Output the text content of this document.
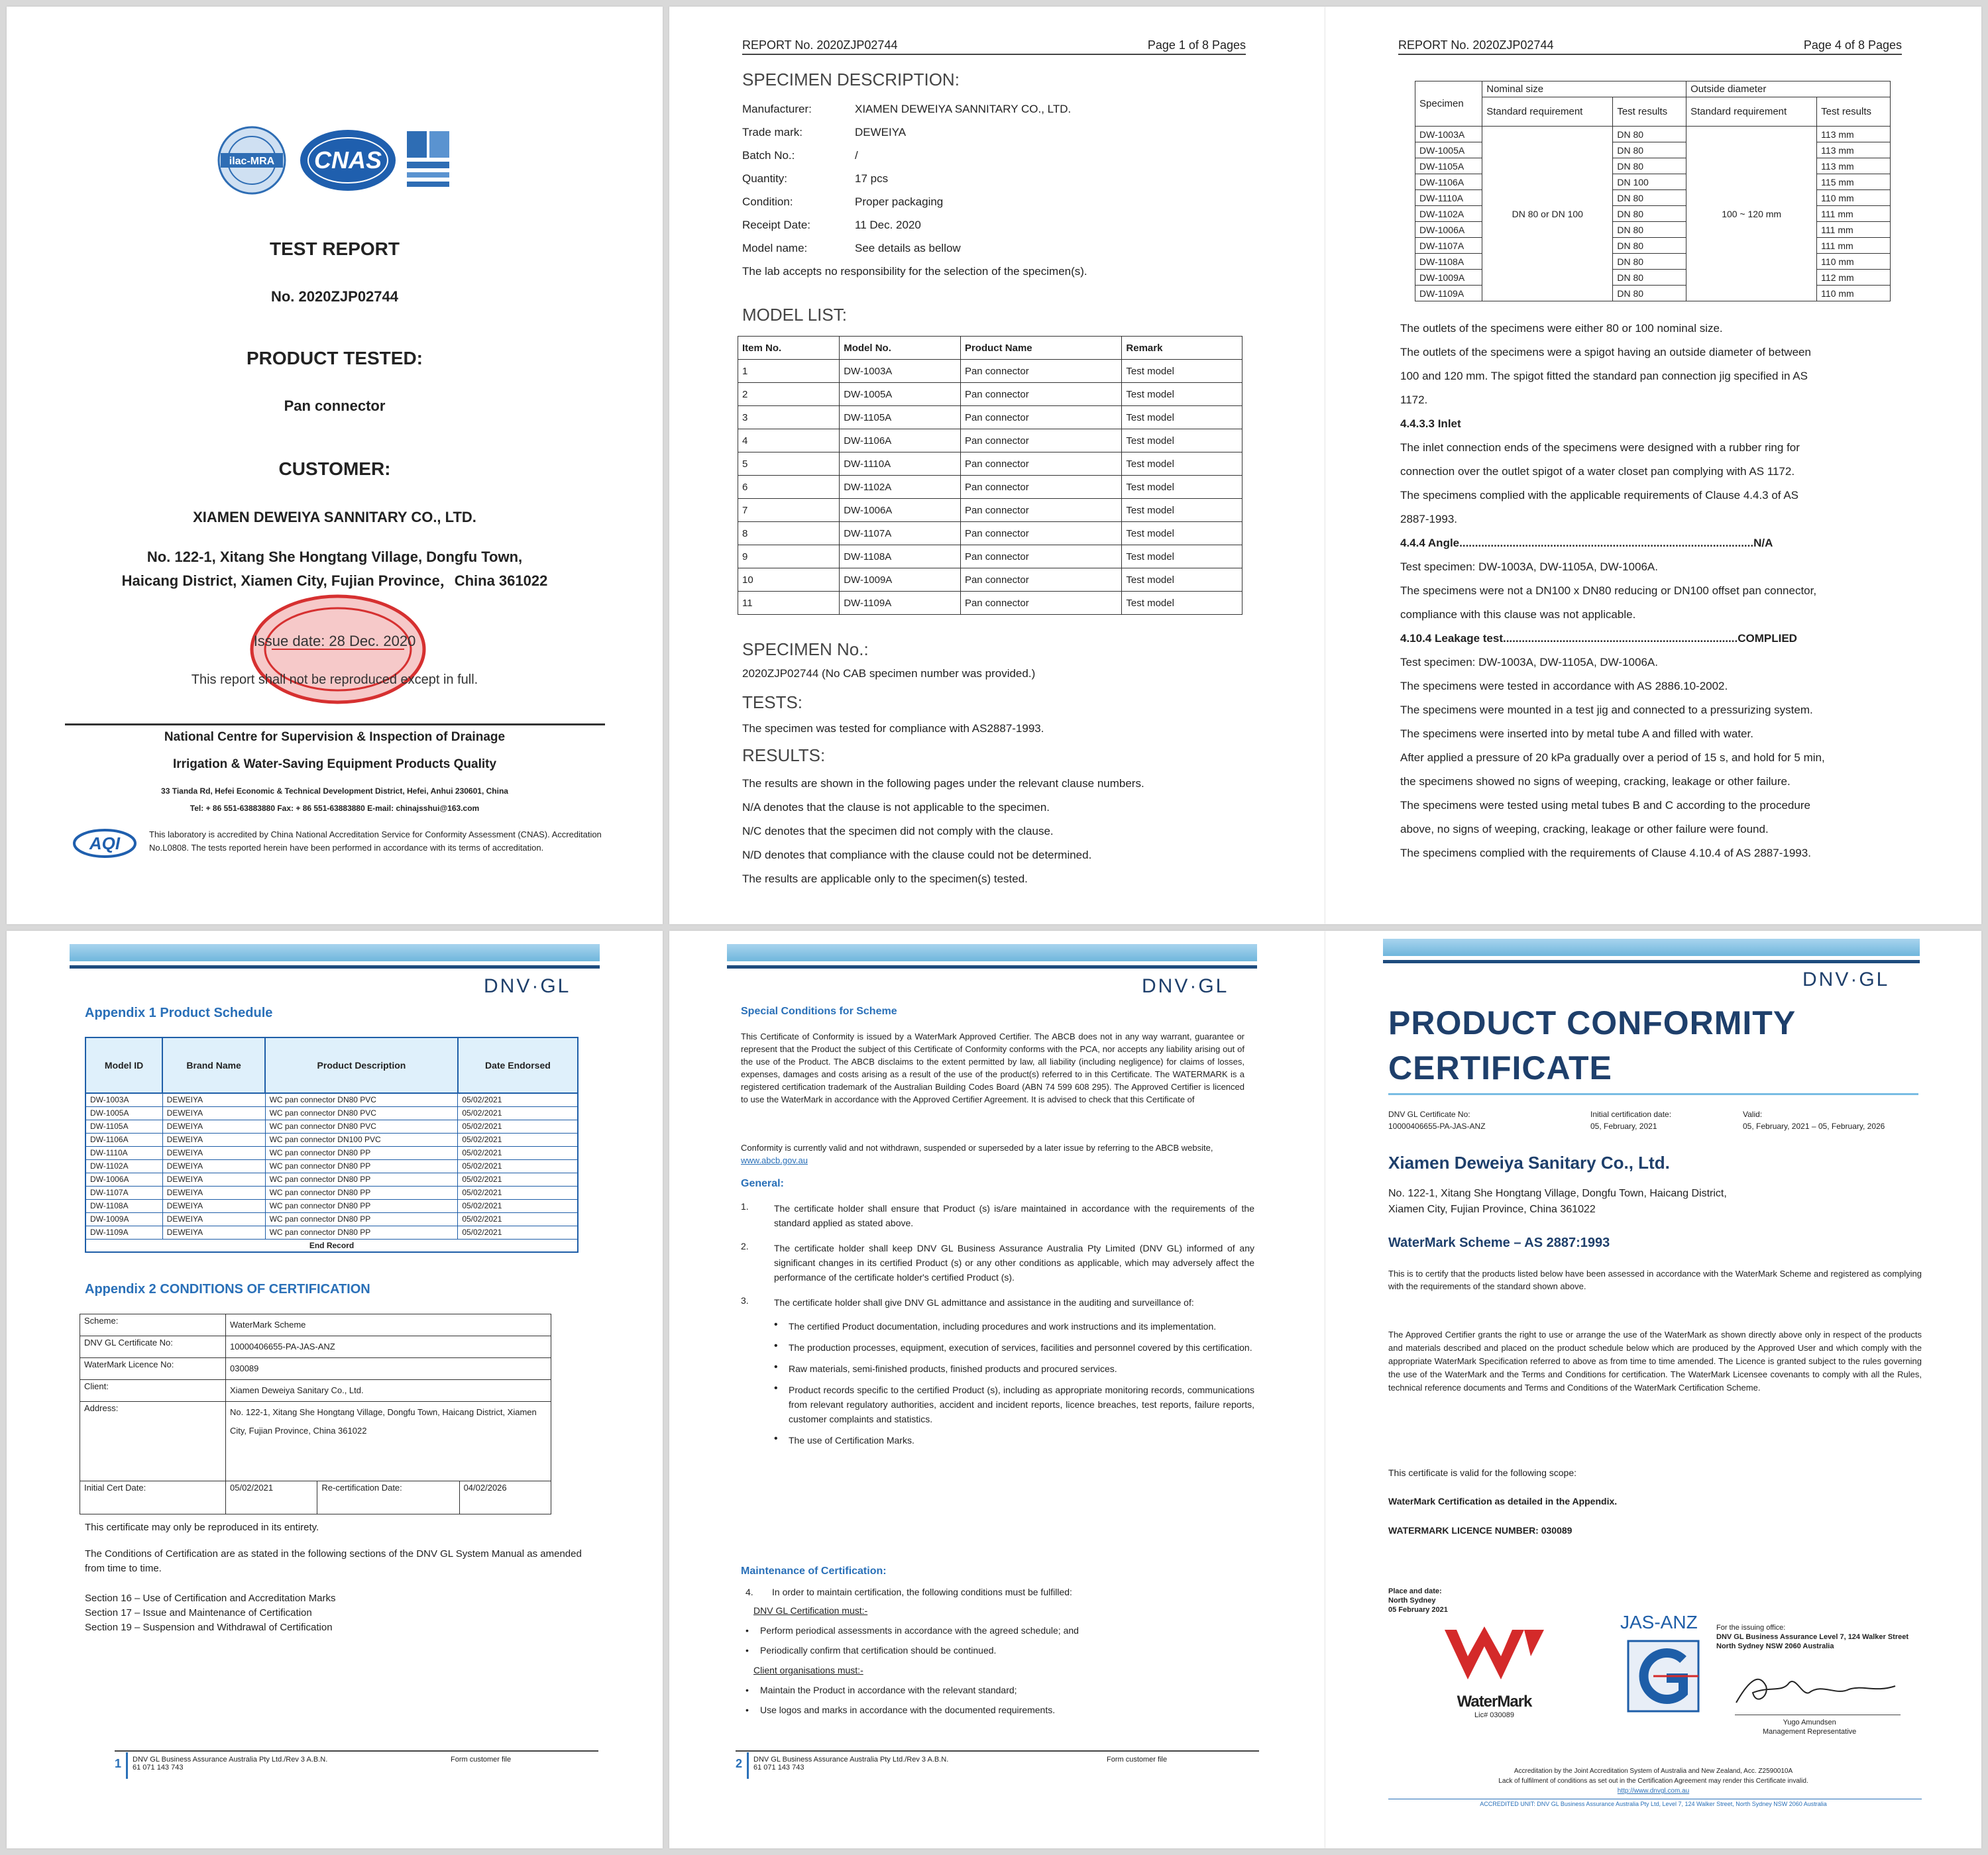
ilac-MRA CNAS
TEST REPORT
No. 2020ZJP02744
PRODUCT TESTED:
Pan connector
CUSTOMER:
XIAMEN DEWEIYA SANNITARY CO., LTD.
No. 122-1, Xitang She Hongtang Village, Dongfu Town,
Haicang District, Xiamen City, Fujian Province，China 361022
Issue date: 28 Dec. 2020
This report shall not be reproduced except in full.
National Centre for Supervision & Inspection of Drainage
Irrigation & Water-Saving Equipment Products Quality
33 Tianda Rd, Hefei Economic & Technical Development District, Hefei, Anhui 230601, China
Tel: + 86 551-63883880 Fax: + 86 551-63883880 E-mail: chinajsshui@163.com
AQI	This laboratory is accredited by China National Accreditation Service for Conformity Assessment (CNAS). Accreditation No.L0808. The tests reported herein have been performed in accordance with its terms of accreditation.
REPORT No. 2020ZJP02744	Page 1 of 8 Pages
SPECIMEN DESCRIPTION:
Manufacturer:	XIAMEN DEWEIYA SANNITARY CO., LTD.
Trade mark:	DEWEIYA
Batch No.:	/
Quantity:	17 pcs
Condition:	Proper packaging
Receipt Date:	11 Dec. 2020
Model name:	See details as bellow
The lab accepts no responsibility for the selection of the specimen(s).
MODEL LIST:
Item No.	Model No.	Product Name	Remark
1	DW-1003A	Pan connector	Test model
2	DW-1005A	Pan connector	Test model
3	DW-1105A	Pan connector	Test model
4	DW-1106A	Pan connector	Test model
5	DW-1110A	Pan connector	Test model
6	DW-1102A	Pan connector	Test model
7	DW-1006A	Pan connector	Test model
8	DW-1107A	Pan connector	Test model
9	DW-1108A	Pan connector	Test model
10	DW-1009A	Pan connector	Test model
11	DW-1109A	Pan connector	Test model
SPECIMEN No.:
2020ZJP02744 (No CAB specimen number was provided.)
TESTS:
The specimen was tested for compliance with AS2887-1993.
RESULTS:
The results are shown in the following pages under the relevant clause numbers.
N/A denotes that the clause is not applicable to the specimen.
N/C denotes that the specimen did not comply with the clause.
N/D denotes that compliance with the clause could not be determined.
The results are applicable only to the specimen(s) tested.
REPORT No. 2020ZJP02744	Page 4 of 8 Pages
Specimen	Nominal size		Outside diameter	
	Standard requirement	Test results	Standard requirement	Test results
DW-1003A	DN 80 or DN 100	DN 80	100 ~ 120 mm	113 mm
DW-1005A		DN 80		113 mm
DW-1105A		DN 80		113 mm
DW-1106A		DN 100		115 mm
DW-1110A		DN 80		110 mm
DW-1102A		DN 80		111 mm
DW-1006A		DN 80		111 mm
DW-1107A		DN 80		111 mm
DW-1108A		DN 80		110 mm
DW-1009A		DN 80		112 mm
DW-1109A		DN 80		110 mm
The outlets of the specimens were either 80 or 100 nominal size.
The outlets of the specimens were a spigot having an outside diameter of between
100 and 120 mm. The spigot fitted the standard pan connection jig specified in AS
1172.
4.4.3.3 Inlet
The inlet connection ends of the specimens were designed with a rubber ring for
connection over the outlet spigot of a water closet pan complying with AS 1172.
The specimens complied with the applicable requirements of Clause 4.4.3 of AS
2887-1993.
4.4.4 Angle..............................................................................................N/A
Test specimen: DW-1003A, DW-1105A, DW-1006A.
The specimens were not a DN100 x DN80 reducing or DN100 offset pan connector,
compliance with this clause was not applicable.
4.10.4 Leakage test...........................................................................COMPLIED
Test specimen: DW-1003A, DW-1105A, DW-1006A.
The specimens were tested in accordance with AS 2886.10-2002.
The specimens were mounted in a test jig and connected to a pressurizing system.
The specimens were inserted into by metal tube A and filled with water.
After applied a pressure of 20 kPa gradually over a period of 15 s, and hold for 5 min,
the specimens showed no signs of weeping, cracking, leakage or other failure.
The specimens were tested using metal tubes B and C according to the procedure
above, no signs of weeping, cracking, leakage or other failure were found.
The specimens complied with the requirements of Clause 4.10.4 of AS 2887-1993.
DNV·GL
Appendix 1 Product Schedule
Model ID	Brand Name	Product Description	Date Endorsed
DW-1003A	DEWEIYA	WC pan connector DN80 PVC	05/02/2021
DW-1005A	DEWEIYA	WC pan connector DN80 PVC	05/02/2021
DW-1105A	DEWEIYA	WC pan connector DN80 PVC	05/02/2021
DW-1106A	DEWEIYA	WC pan connector DN100 PVC	05/02/2021
DW-1110A	DEWEIYA	WC pan connector DN80 PP	05/02/2021
DW-1102A	DEWEIYA	WC pan connector DN80 PP	05/02/2021
DW-1006A	DEWEIYA	WC pan connector DN80 PP	05/02/2021
DW-1107A	DEWEIYA	WC pan connector DN80 PP	05/02/2021
DW-1108A	DEWEIYA	WC pan connector DN80 PP	05/02/2021
DW-1009A	DEWEIYA	WC pan connector DN80 PP	05/02/2021
DW-1109A	DEWEIYA	WC pan connector DN80 PP	05/02/2021
End Record			
Appendix 2 CONDITIONS OF CERTIFICATION
Scheme:	WaterMark Scheme		
DNV GL Certificate No:	10000406655-PA-JAS-ANZ		
WaterMark Licence No:	030089		
Client:	Xiamen Deweiya Sanitary Co., Ltd.		
Address:	No. 122-1, Xitang She Hongtang Village, Dongfu Town, Haicang District, Xiamen City, Fujian Province, China 361022		
Initial Cert Date:	05/02/2021	Re-certification Date:	04/02/2026
This certificate may only be reproduced in its entirety.
The Conditions of Certification are as stated in the following sections of the DNV GL System Manual as amended from time to time.
Section 16 – Use of Certification and Accreditation Marks
Section 17 – Issue and Maintenance of Certification
Section 19 – Suspension and Withdrawal of Certification
1 DNV GL Business Assurance Australia Pty Ltd./Rev 3 A.B.N. 61 071 143 743
Form customer file
DNV·GL
Special Conditions for Scheme
This Certificate of Conformity is issued by a WaterMark Approved Certifier. The ABCB does not in any way warrant, guarantee or represent that the Product the subject of this Certificate of Conformity conforms with the PCA, nor accepts any liability arising out of the use of the Product. The ABCB disclaims to the extent permitted by law, all liability (including negligence) for claims of losses, expenses, damages and costs arising as a result of the use of the product(s) referred to in this Certificate. The WATERMARK is a registered certification trademark of the Australian Building Codes Board (ABN 74 599 608 295). The Approved Certifier is licenced to use the WaterMark in accordance with the Approved Certifier Agreement. It is advised to check that this Certificate of
Conformity is currently valid and not withdrawn, suspended or superseded by a later issue by referring to the ABCB website, www.abcb.gov.au
General:
1.	The certificate holder shall ensure that Product (s) is/are maintained in accordance with the requirements of the standard applied as stated above.
2.	The certificate holder shall keep DNV GL Business Assurance Australia Pty Limited (DNV GL) informed of any significant changes in its certified Product (s) or any other conditions as applicable, which may adversely affect the performance of the certificate holder's certified Product (s).
3.	The certificate holder shall give DNV GL admittance and assistance in the auditing and surveillance of:
•	The certified Product documentation, including procedures and work instructions and its implementation.
•	The production processes, equipment, execution of services, facilities and personnel covered by this certification.
•	Raw materials, semi-finished products, finished products and procured services.
•	Product records specific to the certified Product (s), including as appropriate monitoring records, communications from relevant regulatory authorities, accident and incident reports, licence breaches, test reports, failure reports, customer complaints and statistics.
•	The use of Certification Marks.
Maintenance of Certification:
4.	In order to maintain certification, the following conditions must be fulfilled:
DNV GL Certification must:-
•	Perform periodical assessments in accordance with the agreed schedule; and
•	Periodically confirm that certification should be continued.
Client organisations must:-
•	Maintain the Product in accordance with the relevant standard;
•	Use logos and marks in accordance with the documented requirements.
2 DNV GL Business Assurance Australia Pty Ltd./Rev 3 A.B.N. 61 071 143 743
Form customer file
DNV·GL
PRODUCT CONFORMITY
CERTIFICATE
DNV GL Certificate No:
10000406655-PA-JAS-ANZ
Initial certification date:
05, February, 2021
Valid:
05, February, 2021 – 05, February, 2026
Xiamen Deweiya Sanitary Co., Ltd.
No. 122-1, Xitang She Hongtang Village, Dongfu Town, Haicang District,
Xiamen City, Fujian Province, China 361022
WaterMark Scheme – AS 2887:1993
This is to certify that the products listed below have been assessed in accordance with the WaterMark Scheme and registered as complying with the requirements of the standard shown above.
The Approved Certifier grants the right to use or arrange the use of the WaterMark as shown directly above only in respect of the products and materials described and placed on the product schedule below which are produced by the Approved User and which comply with the appropriate WaterMark Specification referred to above as from time to time amended. The Licence is granted subject to the rules governing the use of the WaterMark and the Terms and Conditions for certification. The WaterMark Licensee covenants to comply with all the Rules, technical reference documents and Terms and Conditions of the WaterMark Certification Scheme.
This certificate is valid for the following scope:
WaterMark Certification as detailed in the Appendix.
WATERMARK LICENCE NUMBER: 030089
Place and date:
North Sydney
05 February 2021
WaterMark
Lic# 030089
JAS-ANZ	For the issuing office:
DNV GL Business Assurance Level 7, 124 Walker Street North Sydney NSW 2060 Australia
Yugo Amundsen
Management Representative
Accreditation by the Joint Accreditation System of Australia and New Zealand, Acc. Z2590010A
Lack of fulfilment of conditions as set out in the Certification Agreement may render this Certificate invalid.
http://www.dnvgl.com.au
ACCREDITED UNIT: DNV GL Business Assurance Australia Pty Ltd, Level 7, 124 Walker Street, North Sydney NSW 2060 Australia
